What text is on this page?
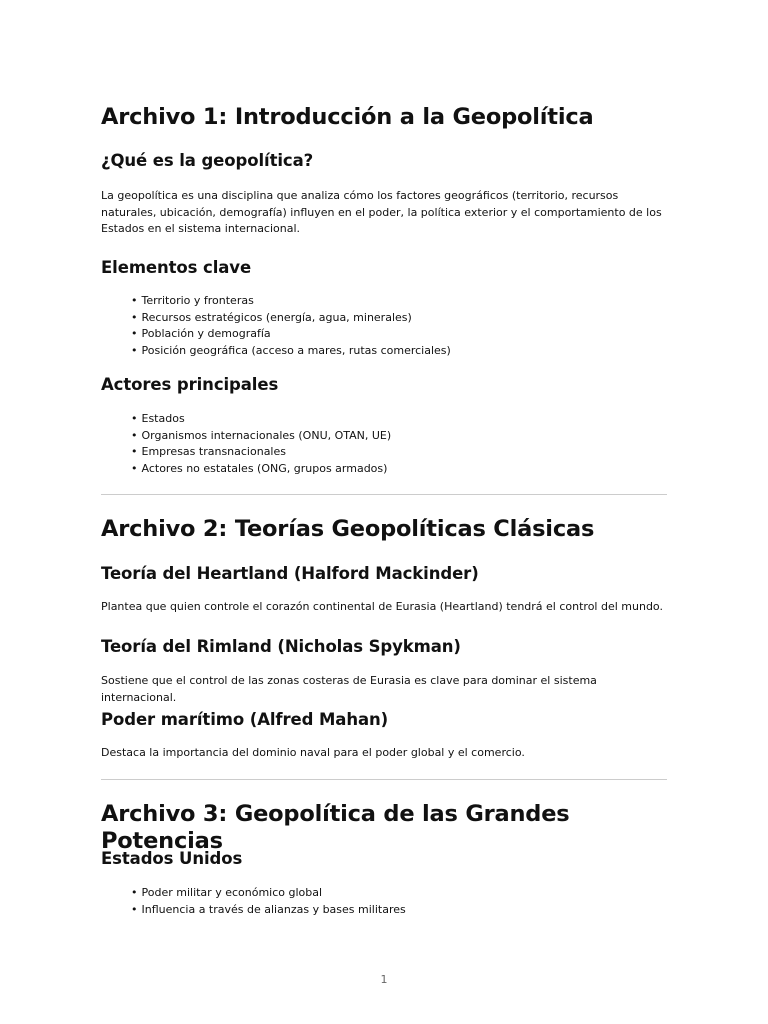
Archivo 1: Introducción a la Geopolítica
¿Qué es la geopolítica?

La geopolítica es una disciplina que analiza cómo los factores geográficos (territorio, recursos naturales, ubicación, demografía) influyen en el poder, la política exterior y el comportamiento de los Estados en el sistema internacional.

Elementos clave
• Territorio y fronteras
• Recursos estratégicos (energía, agua, minerales)
• Población y demografía
• Posición geográfica (acceso a mares, rutas comerciales)
Actores principales
• Estados
• Organismos internacionales (ONU, OTAN, UE)
• Empresas transnacionales
• Actores no estatales (ONG, grupos armados)
Archivo 2: Teorías Geopolíticas Clásicas
Teoría del Heartland (Halford Mackinder)

Plantea que quien controle el corazón continental de Eurasia (Heartland) tendrá el control del mundo.

Teoría del Rimland (Nicholas Spykman)

Sostiene que el control de las zonas costeras de Eurasia es clave para dominar el sistema internacional.

Poder marítimo (Alfred Mahan)

Destaca la importancia del dominio naval para el poder global y el comercio.

Archivo 3: Geopolítica de las Grandes Potencias
Estados Unidos
• Poder militar y económico global
• Influencia a través de alianzas y bases militares
1
